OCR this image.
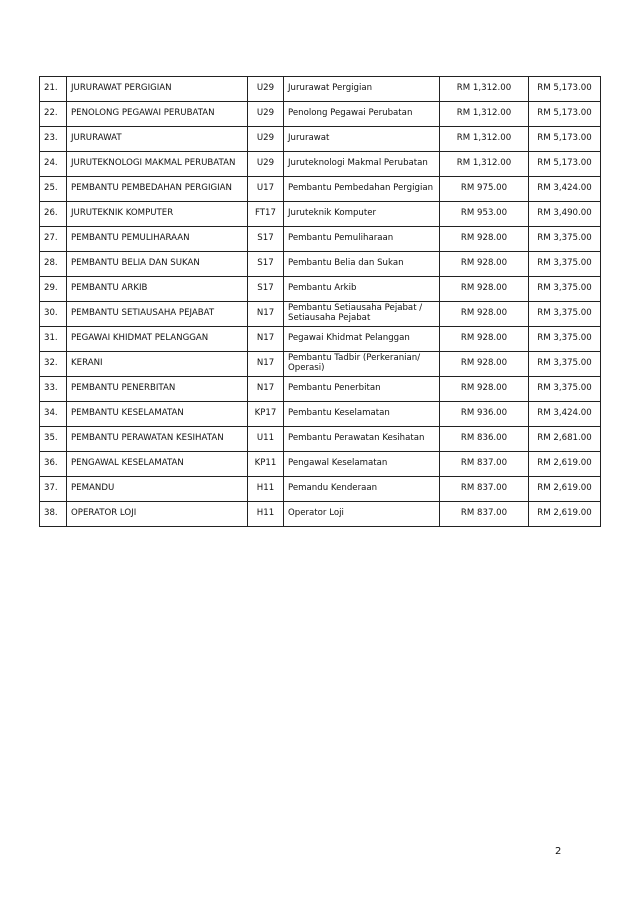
21.	JURURAWAT PERGIGIAN	U29	Jururawat Pergigian	RM 1,312.00	RM 5,173.00
22.	PENOLONG PEGAWAI PERUBATAN	U29	Penolong Pegawai Perubatan	RM 1,312.00	RM 5,173.00
23.	JURURAWAT	U29	Jururawat	RM 1,312.00	RM 5,173.00
24.	JURUTEKNOLOGI MAKMAL PERUBATAN	U29	Juruteknologi Makmal Perubatan	RM 1,312.00	RM 5,173.00
25.	PEMBANTU PEMBEDAHAN PERGIGIAN	U17	Pembantu Pembedahan Pergigian	RM 975.00	RM 3,424.00
26.	JURUTEKNIK KOMPUTER	FT17	Juruteknik Komputer	RM 953.00	RM 3,490.00
27.	PEMBANTU PEMULIHARAAN	S17	Pembantu Pemuliharaan	RM 928.00	RM 3,375.00
28.	PEMBANTU BELIA DAN SUKAN	S17	Pembantu Belia dan Sukan	RM 928.00	RM 3,375.00
29.	PEMBANTU ARKIB	S17	Pembantu Arkib	RM 928.00	RM 3,375.00
30.	PEMBANTU SETIAUSAHA PEJABAT	N17	Pembantu Setiausaha Pejabat / Setiausaha Pejabat	RM 928.00	RM 3,375.00
31.	PEGAWAI KHIDMAT PELANGGAN	N17	Pegawai Khidmat Pelanggan	RM 928.00	RM 3,375.00
32.	KERANI	N17	Pembantu Tadbir (Perkeranian/ Operasi)	RM 928.00	RM 3,375.00
33.	PEMBANTU PENERBITAN	N17	Pembantu Penerbitan	RM 928.00	RM 3,375.00
34.	PEMBANTU KESELAMATAN	KP17	Pembantu Keselamatan	RM 936.00	RM 3,424.00
35.	PEMBANTU PERAWATAN KESIHATAN	U11	Pembantu Perawatan Kesihatan	RM 836.00	RM 2,681.00
36.	PENGAWAL KESELAMATAN	KP11	Pengawal Keselamatan	RM 837.00	RM 2,619.00
37.	PEMANDU	H11	Pemandu Kenderaan	RM 837.00	RM 2,619.00
38.	OPERATOR LOJI	H11	Operator Loji	RM 837.00	RM 2,619.00
2
